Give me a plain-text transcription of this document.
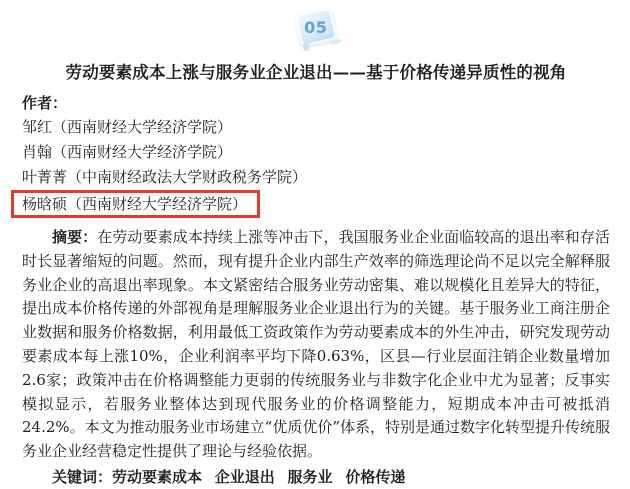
05
劳动要素成本上涨与服务业企业退出——基于价格传递异质性的视角
作者：
邹红（西南财经大学经济学院）
肖翰（西南财经大学经济学院）
叶菁菁（中南财经政法大学财政税务学院）
杨晗硕（西南财经大学经济学院）

摘要：在劳动要素成本持续上涨等冲击下，我国服务业企业面临较高的退出率和存活时长显著缩短的问题。然而，现有提升企业内部生产效率的筛选理论尚不足以完全解释服务业企业的高退出率现象。本文紧密结合服务业劳动密集、难以规模化且差异大的特征，提出成本价格传递的外部视角是理解服务业企业退出行为的关键。基于服务业工商注册企业数据和服务价格数据，利用最低工资政策作为劳动要素成本的外生冲击，研究发现劳动要素成本每上涨10%，企业利润率平均下降0.63%，区县—行业层面注销企业数量增加2.6家；政策冲击在价格调整能力更弱的传统服务业与非数字化企业中尤为显著；反事实模拟显示，若服务业整体达到现代服务业的价格调整能力，短期成本冲击可被抵消24.2%。本文为推动服务业市场建立“优质优价”体系，特别是通过数字化转型提升传统服务业企业经营稳定性提供了理论与经验依据。

关键词：劳动要素成本 企业退出 服务业 价格传递
